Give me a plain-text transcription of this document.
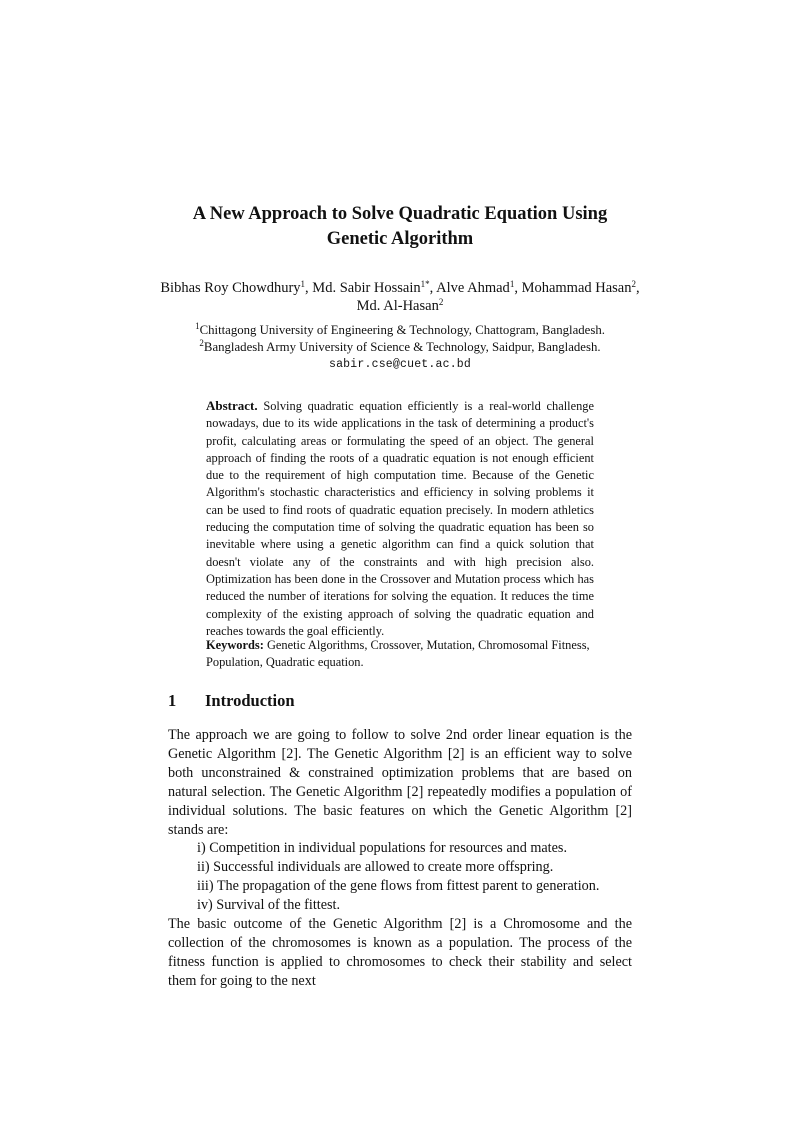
A New Approach to Solve Quadratic Equation Using
Genetic Algorithm
Bibhas Roy Chowdhury$^1$, Md. Sabir Hossain$^{1*}$, Alve Ahmad$^1$, Mohammad Hasan$^2$,
Md. Al-Hasan$^2$
$^1$Chittagong University of Engineering & Technology, Chattogram, Bangladesh.
$^2$Bangladesh Army University of Science & Technology, Saidpur, Bangladesh.
sabir.cse@cuet.ac.bd
Abstract. Solving quadratic equation efficiently is a real-world challenge nowadays, due to its wide applications in the task of determining a product's profit, calculating areas or formulating the speed of an object. The general approach of finding the roots of a quadratic equation is not enough efficient due to the requirement of high computation time. Because of the Genetic Algorithm's stochastic characteristics and efficiency in solving problems it can be used to find roots of quadratic equation precisely. In modern athletics reducing the computation time of solving the quadratic equation has been so inevitable where using a genetic algorithm can find a quick solution that doesn't violate any of the constraints and with high precision also. Optimization has been done in the Crossover and Mutation process which has reduced the number of iterations for solving the equation. It reduces the time complexity of the existing approach of solving the quadratic equation and reaches towards the goal efficiently.
Keywords: Genetic Algorithms, Crossover, Mutation, Chromosomal Fitness, Population, Quadratic equation.
1 Introduction

The approach we are going to follow to solve 2nd order linear equation is the Genetic Algorithm [2]. The Genetic Algorithm [2] is an efficient way to solve both unconstrained & constrained optimization problems that are based on natural selection. The Genetic Algorithm [2] repeatedly modifies a population of individual solutions. The basic features on which the Genetic Algorithm [2] stands are:

i) Competition in individual populations for resources and mates.
ii) Successful individuals are allowed to create more offspring.
iii) The propagation of the gene flows from fittest parent to generation.
iv) Survival of the fittest.

The basic outcome of the Genetic Algorithm [2] is a Chromosome and the collection of the chromosomes is known as a population. The process of the fitness function is applied to chromosomes to check their stability and select them for going to the next
